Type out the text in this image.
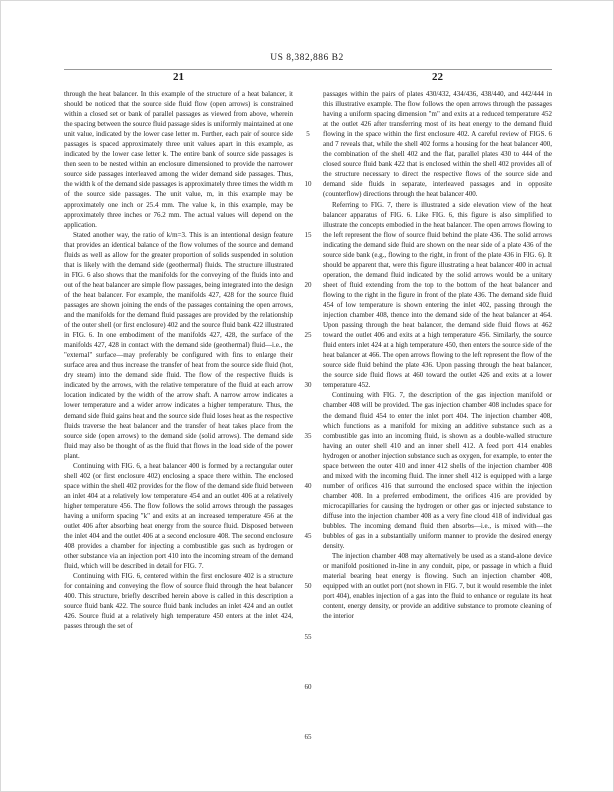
US 8,382,886 B2
21	22

through the heat balancer. In this example of the structure of a heat balancer, it should be noticed that the source side fluid flow (open arrows) is constrained within a closed set or bank of parallel passages as viewed from above, wherein the spacing between the source fluid passage sides is uniformly maintained at one unit value, indicated by the lower case letter m. Further, each pair of source side passages is spaced approximately three unit values apart in this example, as indicated by the lower case letter k. The entire bank of source side passages is then seen to be nested within an enclosure dimensioned to provide the narrower source side passages interleaved among the wider demand side passages. Thus, the width k of the demand side passages is approximately three times the width m of the source side passages. The unit value, m, in this example may be approximately one inch or 25.4 mm. The value k, in this example, may be approximately three inches or 76.2 mm. The actual values will depend on the application.

Stated another way, the ratio of k/m=3. This is an intentional design feature that provides an identical balance of the flow volumes of the source and demand fluids as well as allow for the greater proportion of solids suspended in solution that is likely with the demand side (geothermal) fluids. The structure illustrated in FIG. 6 also shows that the manifolds for the conveying of the fluids into and out of the heat balancer are simple flow passages, being integrated into the design of the heat balancer. For example, the manifolds 427, 428 for the source fluid passages are shown joining the ends of the passages containing the open arrows, and the manifolds for the demand fluid passages are provided by the relationship of the outer shell (or first enclosure) 402 and the source fluid bank 422 illustrated in FIG. 6. In one embodiment of the manifolds 427, 428, the surface of the manifolds 427, 428 in contact with the demand side (geothermal) fluid—i.e., the "external" surface—may preferably be configured with fins to enlarge their surface area and thus increase the transfer of heat from the source side fluid (hot, dry steam) into the demand side fluid. The flow of the respective fluids is indicated by the arrows, with the relative temperature of the fluid at each arrow location indicated by the width of the arrow shaft. A narrow arrow indicates a lower temperature and a wider arrow indicates a higher temperature. Thus, the demand side fluid gains heat and the source side fluid loses heat as the respective fluids traverse the heat balancer and the transfer of heat takes place from the source side (open arrows) to the demand side (solid arrows). The demand side fluid may also be thought of as the fluid that flows in the load side of the power plant.

Continuing with FIG. 6, a heat balancer 400 is formed by a rectangular outer shell 402 (or first enclosure 402) enclosing a space there within. The enclosed space within the shell 402 provides for the flow of the demand side fluid between an inlet 404 at a relatively low temperature 454 and an outlet 406 at a relatively higher temperature 456. The flow follows the solid arrows through the passages having a uniform spacing "k" and exits at an increased temperature 456 at the outlet 406 after absorbing heat energy from the source fluid. Disposed between the inlet 404 and the outlet 406 at a second enclosure 408. The second enclosure 408 provides a chamber for injecting a combustible gas such as hydrogen or other substance via an injection port 410 into the incoming stream of the demand fluid, which will be described in detail for FIG. 7.

Continuing with FIG. 6, centered within the first enclosure 402 is a structure for containing and conveying the flow of source fluid through the heat balancer 400. This structure, briefly described herein above is called in this description a source fluid bank 422. The source fluid bank includes an inlet 424 and an outlet 426. Source fluid at a relatively high temperature 450 enters at the inlet 424, passes through the set of

5
10
15
20
25
30
35
40
45
50
55
60
65

passages within the pairs of plates 430/432, 434/436, 438/440, and 442/444 in this illustrative example. The flow follows the open arrows through the passages having a uniform spacing dimension "m" and exits at a reduced temperature 452 at the outlet 426 after transferring most of its heat energy to the demand fluid flowing in the space within the first enclosure 402. A careful review of FIGS. 6 and 7 reveals that, while the shell 402 forms a housing for the heat balancer 400, the combination of the shell 402 and the flat, parallel plates 430 to 444 of the closed source fluid bank 422 that is enclosed within the shell 402 provides all of the structure necessary to direct the respective flows of the source side and demand side fluids in separate, interleaved passages and in opposite (counterflow) directions through the heat balancer 400.

Referring to FIG. 7, there is illustrated a side elevation view of the heat balancer apparatus of FIG. 6. Like FIG. 6, this figure is also simplified to illustrate the concepts embodied in the heat balancer. The open arrows flowing to the left represent the flow of source fluid behind the plate 436. The solid arrows indicating the demand side fluid are shown on the near side of a plate 436 of the source side bank (e.g., flowing to the right, in front of the plate 436 in FIG. 6). It should be apparent that, were this figure illustrating a heat balancer 400 in actual operation, the demand fluid indicated by the solid arrows would be a unitary sheet of fluid extending from the top to the bottom of the heat balancer and flowing to the right in the figure in front of the plate 436. The demand side fluid 454 of low temperature is shown entering the inlet 402, passing through the injection chamber 408, thence into the demand side of the heat balancer at 464. Upon passing through the heat balancer, the demand side fluid flows at 462 toward the outlet 406 and exits at a high temperature 456. Similarly, the source fluid enters inlet 424 at a high temperature 450, then enters the source side of the heat balancer at 466. The open arrows flowing to the left represent the flow of the source side fluid behind the plate 436. Upon passing through the heat balancer, the source side fluid flows at 460 toward the outlet 426 and exits at a lower temperature 452.

Continuing with FIG. 7, the description of the gas injection manifold or chamber 408 will be provided. The gas injection chamber 408 includes space for the demand fluid 454 to enter the inlet port 404. The injection chamber 408, which functions as a manifold for mixing an additive substance such as a combustible gas into an incoming fluid, is shown as a double-walled structure having an outer shell 410 and an inner shell 412. A feed port 414 enables hydrogen or another injection substance such as oxygen, for example, to enter the space between the outer 410 and inner 412 shells of the injection chamber 408 and mixed with the incoming fluid. The inner shell 412 is equipped with a large number of orifices 416 that surround the enclosed space within the injection chamber 408. In a preferred embodiment, the orifices 416 are provided by microcapillaries for causing the hydrogen or other gas or injected substance to diffuse into the injection chamber 408 as a very fine cloud 418 of individual gas bubbles. The incoming demand fluid then absorbs—i.e., is mixed with—the bubbles of gas in a substantially uniform manner to provide the desired energy density.

The injection chamber 408 may alternatively be used as a stand-alone device or manifold positioned in-line in any conduit, pipe, or passage in which a fluid material bearing heat energy is flowing. Such an injection chamber 408, equipped with an outlet port (not shown in FIG. 7, but it would resemble the inlet port 404), enables injection of a gas into the fluid to enhance or regulate its heat content, energy density, or provide an additive substance to promote cleaning of the interior
